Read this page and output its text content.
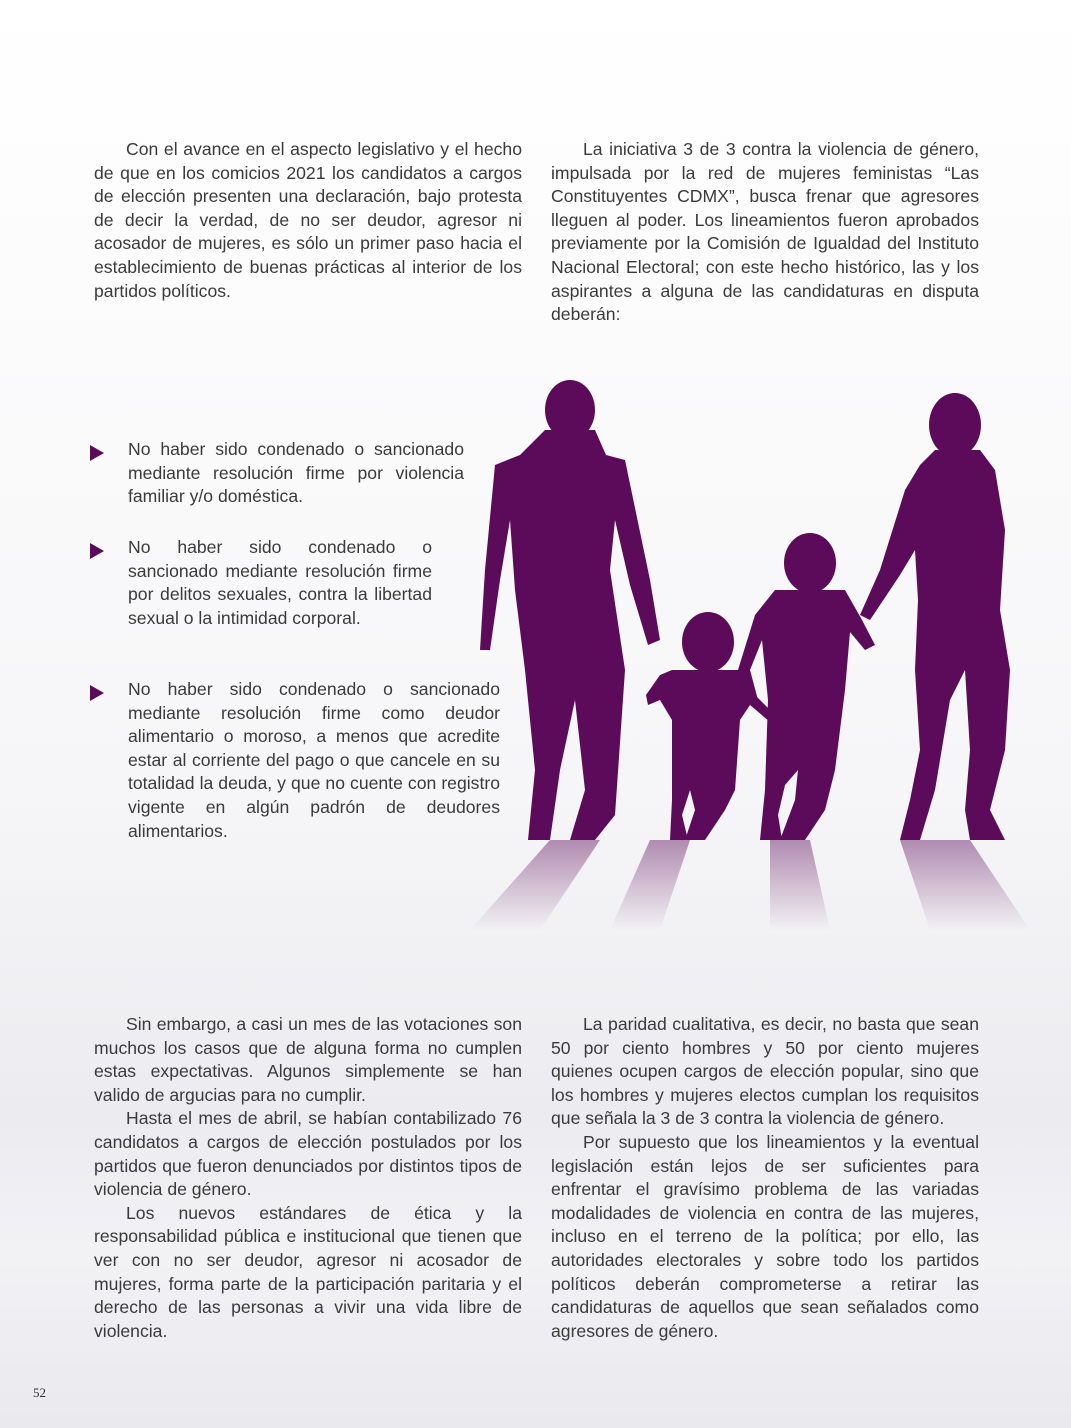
Con el avance en el aspecto legislativo y el hecho de que en los comicios 2021 los candidatos a cargos de elección presenten una declaración, bajo protesta de decir la verdad, de no ser deudor, agresor ni acosador de mujeres, es sólo un primer paso hacia el establecimiento de buenas prácticas al interior de los partidos políticos.

La iniciativa 3 de 3 contra la violencia de género, impulsada por la red de mujeres feministas “Las Constituyentes CDMX”, busca frenar que agresores lleguen al poder. Los lineamientos fueron aprobados previamente por la Comisión de Igualdad del Instituto Nacional Electoral; con este hecho histórico, las y los aspirantes a alguna de las candidaturas en disputa deberán:

No haber sido condenado o sancionado mediante resolución firme por violencia familiar y/o doméstica.

No haber sido condenado o sancionado mediante resolución firme por delitos sexuales, contra la libertad sexual o la intimidad corporal.

No haber sido condenado o sancionado mediante resolución firme como deudor alimentario o moroso, a menos que acredite estar al corriente del pago o que cancele en su totalidad la deuda, y que no cuente con registro vigente en algún padrón de deudores alimentarios.

Sin embargo, a casi un mes de las votaciones son muchos los casos que de alguna forma no cumplen estas expectativas. Algunos simplemente se han valido de argucias para no cumplir.

Hasta el mes de abril, se habían contabilizado 76 candidatos a cargos de elección postulados por los partidos que fueron denunciados por distintos tipos de violencia de género.

Los nuevos estándares de ética y la responsabilidad pública e institucional que tienen que ver con no ser deudor, agresor ni acosador de mujeres, forma parte de la participación paritaria y el derecho de las personas a vivir una vida libre de violencia.

La paridad cualitativa, es decir, no basta que sean 50 por ciento hombres y 50 por ciento mujeres quienes ocupen cargos de elección popular, sino que los hombres y mujeres electos cumplan los requisitos que señala la 3 de 3 contra la violencia de género.

Por supuesto que los lineamientos y la eventual legislación están lejos de ser suficientes para enfrentar el gravísimo problema de las variadas modalidades de violencia en contra de las mujeres, incluso en el terreno de la política; por ello, las autoridades electorales y sobre todo los partidos políticos deberán comprometerse a retirar las candidaturas de aquellos que sean señalados como agresores de género.

52
